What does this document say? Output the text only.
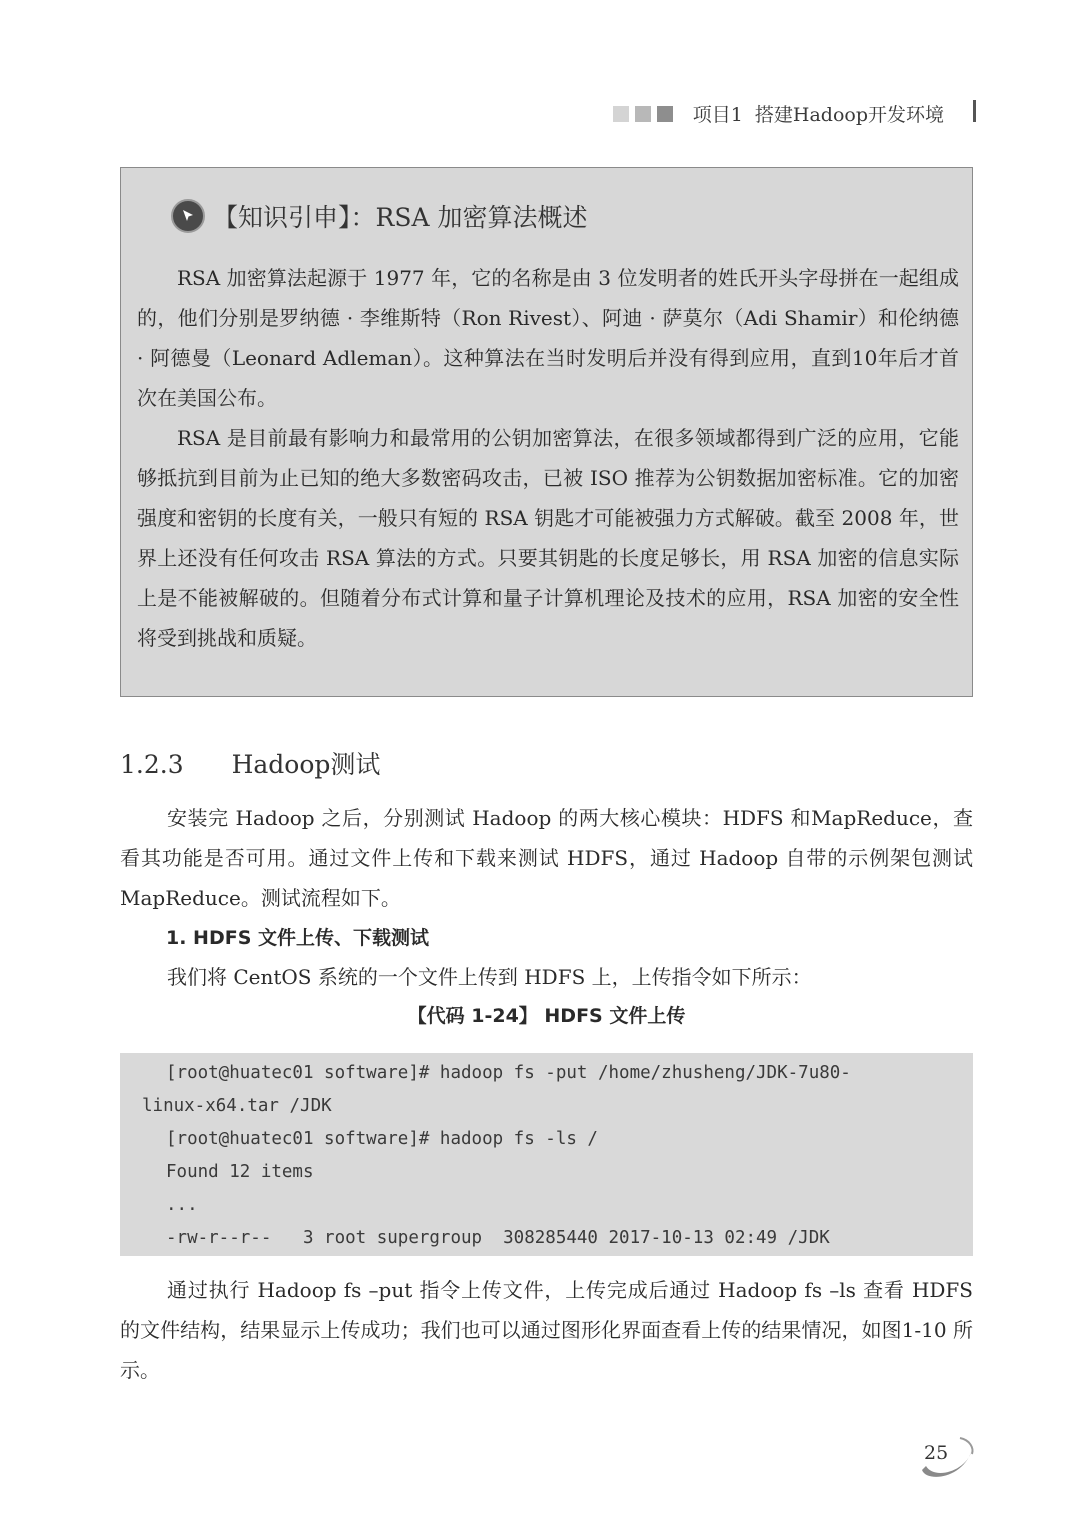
项目1  搭建Hadoop开发环境
【知识引申】：RSA 加密算法概述

RSA 加密算法起源于 1977 年，它的名称是由 3 位发明者的姓氏开头字母拼在一起组成的，他们分别是罗纳德 · 李维斯特（Ron Rivest）、阿迪 · 萨莫尔（Adi Shamir）和伦纳德 · 阿德曼（Leonard Adleman）。这种算法在当时发明后并没有得到应用，直到10年后才首次在美国公布。

RSA 是目前最有影响力和最常用的公钥加密算法，在很多领域都得到广泛的应用，它能够抵抗到目前为止已知的绝大多数密码攻击，已被 ISO 推荐为公钥数据加密标准。它的加密强度和密钥的长度有关，一般只有短的 RSA 钥匙才可能被强力方式解破。截至 2008 年，世界上还没有任何攻击 RSA 算法的方式。只要其钥匙的长度足够长，用 RSA 加密的信息实际上是不能被解破的。但随着分布式计算和量子计算机理论及技术的应用，RSA 加密的安全性将受到挑战和质疑。

1.2.3 Hadoop测试
安装完 Hadoop 之后，分别测试 Hadoop 的两大核心模块：HDFS 和MapReduce，查看其功能是否可用。通过文件上传和下载来测试 HDFS，通过 Hadoop 自带的示例架包测试MapReduce。测试流程如下。
1. HDFS 文件上传、下载测试
我们将 CentOS 系统的一个文件上传到 HDFS 上，上传指令如下所示：
【代码 1-24】 HDFS 文件上传
[root@huatec01 software]# hadoop fs -put /home/zhusheng/JDK-7u80-
linux-x64.tar /JDK
[root@huatec01 software]# hadoop fs -ls /
Found 12 items
...
-rw-r--r--   3 root supergroup  308285440 2017-10-13 02:49 /JDK
通过执行 Hadoop fs –put 指令上传文件，上传完成后通过 Hadoop fs –ls 查看 HDFS 的文件结构，结果显示上传成功；我们也可以通过图形化界面查看上传的结果情况，如图1-10 所示。
25
